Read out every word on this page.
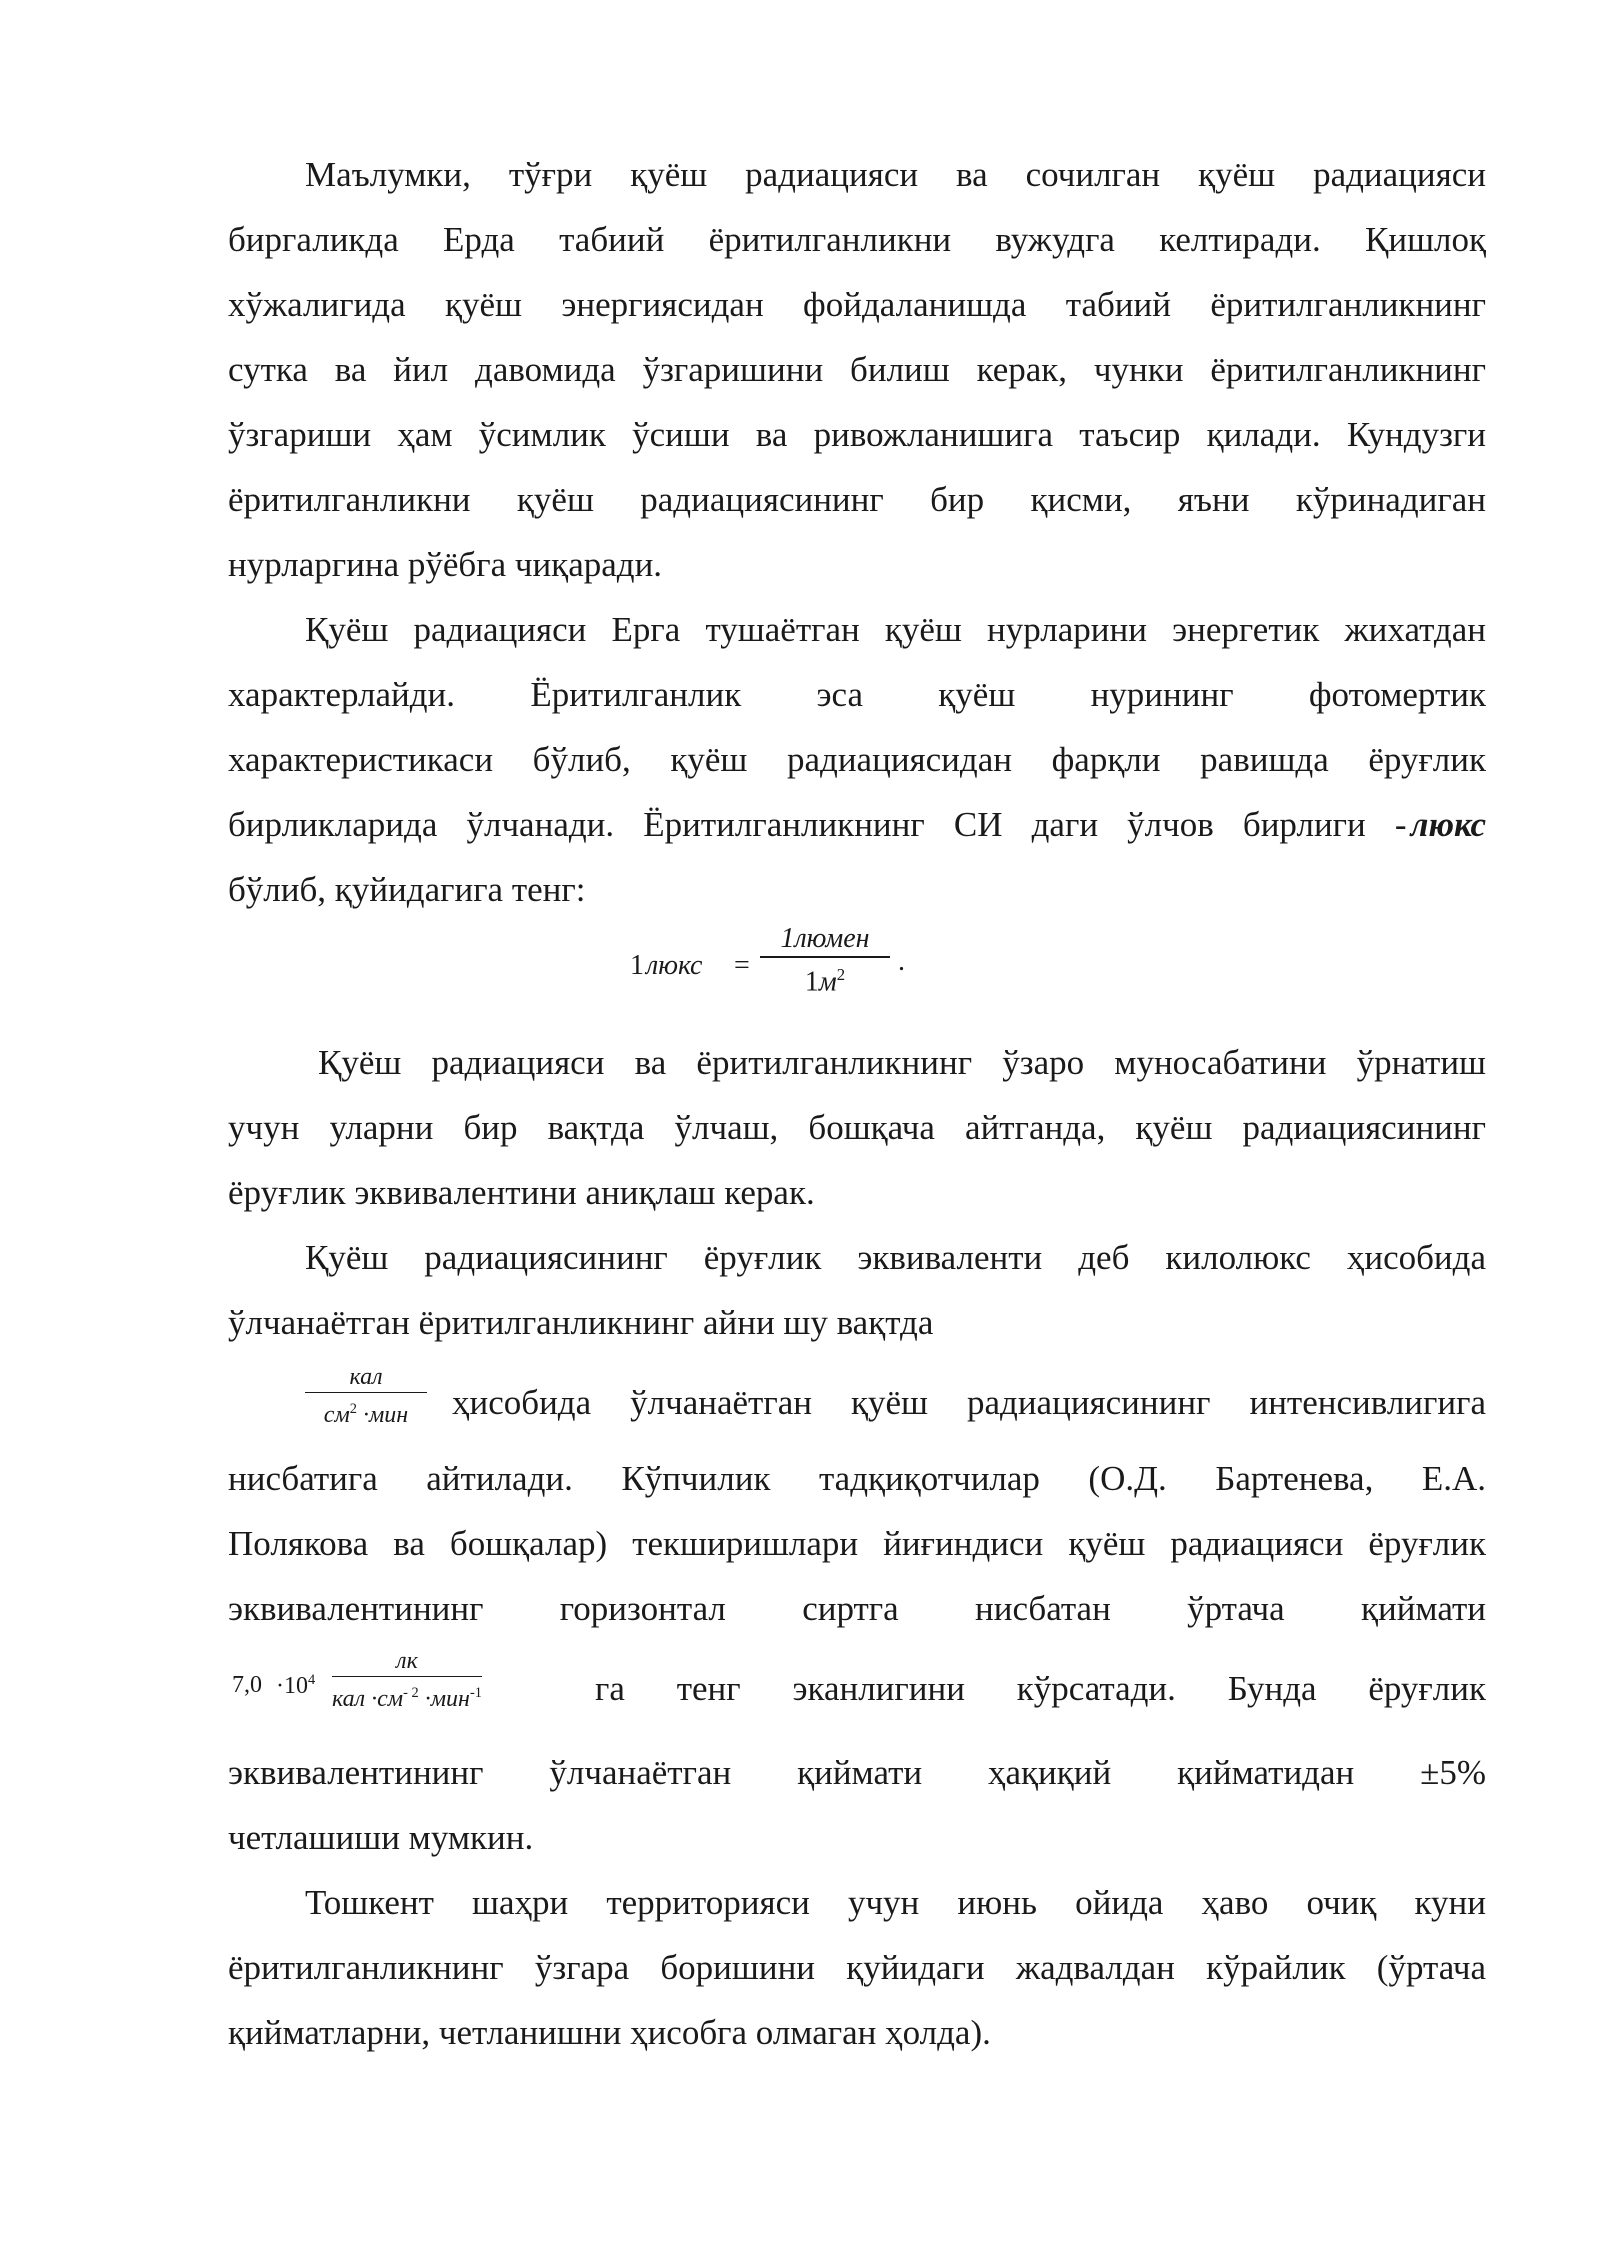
Маълумки, тўғри қуёш радиацияси ва сочилган қуёш радиацияси
биргаликда Ерда табиий ёритилганликни вужудга келтиради. Қишлоқ
хўжалигида қуёш энергиясидан фойдаланишда табиий ёритилганликнинг
сутка ва йил давомида ўзгаришини билиш керак, чунки ёритилганликнинг
ўзгариши ҳам ўсимлик ўсиши ва ривожланишига таъсир қилади. Кундузги
ёритилганликни қуёш радиациясининг бир қисми, яъни кўринадиган
нурларгина рўёбга чиқаради.
Қуёш радиацияси Ерга тушаётган қуёш нурларини энергетик жихатдан
характерлайди. Ёритилганлик эса қуёш нурининг фотомертик
характеристикаси бўлиб, қуёш радиациясидан фарқли равишда ёруғлик
бирликларида ўлчанади. Ёритилганликнинг СИ даги ўлчов бирлиги - люкс
бўлиб, қуйидагига тенг:
1 люкс =
1люмен
$1м^2$	.
Қуёш радиацияси ва ёритилганликнинг ўзаро муносабатини ўрнатиш
учун уларни бир вақтда ўлчаш, бошқача айтганда, қуёш радиациясининг
ёруғлик эквивалентини аниқлаш керак.
Қуёш радиациясининг ёруғлик эквиваленти деб килолюкс ҳисобида
ўлчанаётган ёритилганликнинг айни шу вақтда
кал
$см^2 \cdot мин$	ҳисобида ўлчанаётган қуёш радиациясининг интенсивлигига
нисбатига айтилади. Кўпчилик тадқиқотчилар (О.Д. Бартенева, Е.А.
Полякова ва бошқалар) текширишлари йиғиндиси қуёш радиацияси ёруғлик
эквивалентининг горизонтал сиртга нисбатан ўртача қиймати
$7,0 \cdot 10^4$
лк
кал $\cdot см^{- 2} \cdot мин^{-1}$	га тенг эканлигини кўрсатади. Бунда ёруғлик
эквивалентининг ўлчанаётган қиймати ҳақиқий қийматидан ±5%
четлашиши мумкин.
Тошкент шаҳри территорияси учун июнь ойида ҳаво очиқ куни
ёритилганликнинг ўзгара боришини қуйидаги жадвалдан кўрайлик (ўртача
қийматларни, четланишни ҳисобга олмаган ҳолда).
